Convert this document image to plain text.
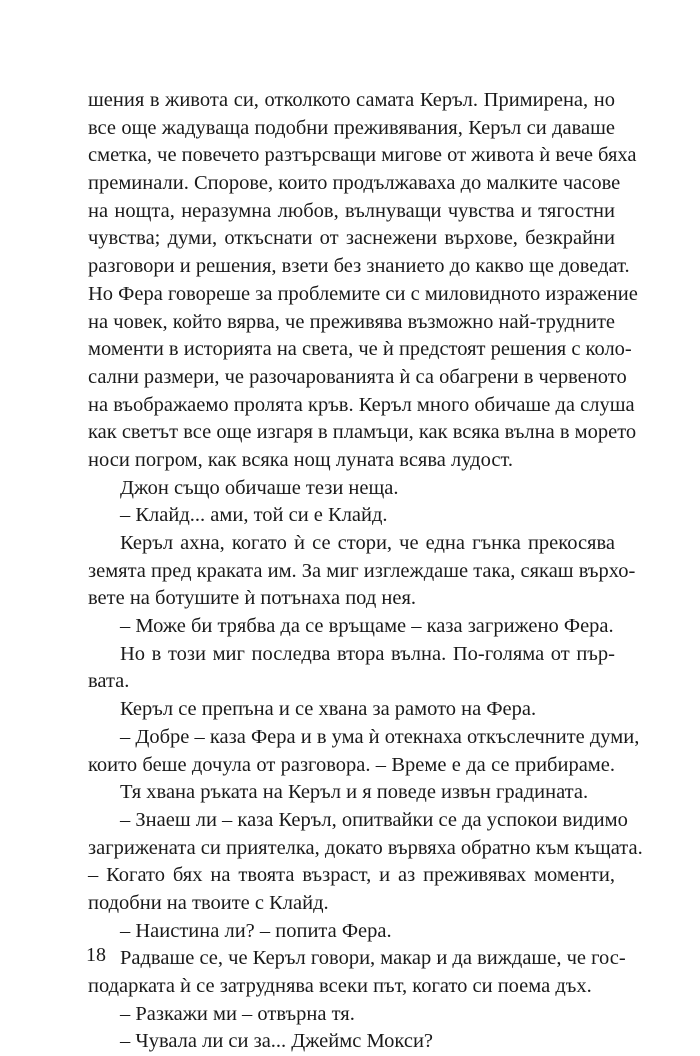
шения в живота си, отколкото самата Керъл. Примирена, но
все още жадуваща подобни преживявания, Керъл си даваше
сметка, че повечето разтърсващи мигове от живота ѝ вече бяха
преминали. Спорове, които продължаваха до малките часове
на нощта, неразумна любов, вълнуващи чувства и тягостни
чувства; думи, откъснати от заснежени върхове, безкрайни
разговори и решения, взети без знанието до какво ще доведат.
Но Фера говореше за проблемите си с миловидното изражение
на човек, който вярва, че преживява възможно най-трудните
моменти в историята на света, че ѝ предстоят решения с коло-
сални размери, че разочарованията ѝ са обагрени в червеното
на въображаемо пролята кръв. Керъл много обичаше да слуша
как светът все още изгаря в пламъци, как всяка вълна в морето
носи погром, как всяка нощ луната всява лудост.
Джон също обичаше тези неща.
– Клайд... ами, той си е Клайд.
Керъл ахна, когато ѝ се стори, че една гънка прекосява
земята пред краката им. За миг изглеждаше така, сякаш върхо-
вете на ботушите ѝ потънаха под нея.
– Може би трябва да се връщаме – каза загрижено Фера.
Но в този миг последва втора вълна. По-голяма от пър-
вата.
Керъл се препъна и се хвана за рамото на Фера.
– Добре – каза Фера и в ума ѝ отекнаха откъслечните думи,
които беше дочула от разговора. – Време е да се прибираме.
Тя хвана ръката на Керъл и я поведе извън градината.
– Знаеш ли – каза Керъл, опитвайки се да успокои видимо
загрижената си приятелка, докато вървяха обратно към къщата.
– Когато бях на твоята възраст, и аз преживявах моменти,
подобни на твоите с Клайд.
– Наистина ли? – попита Фера.
Радваше се, че Керъл говори, макар и да виждаше, че гос-
подарката ѝ се затруднява всеки път, когато си поема дъх.
– Разкажи ми – отвърна тя.
– Чувала ли си за... Джеймс Мокси?
18
